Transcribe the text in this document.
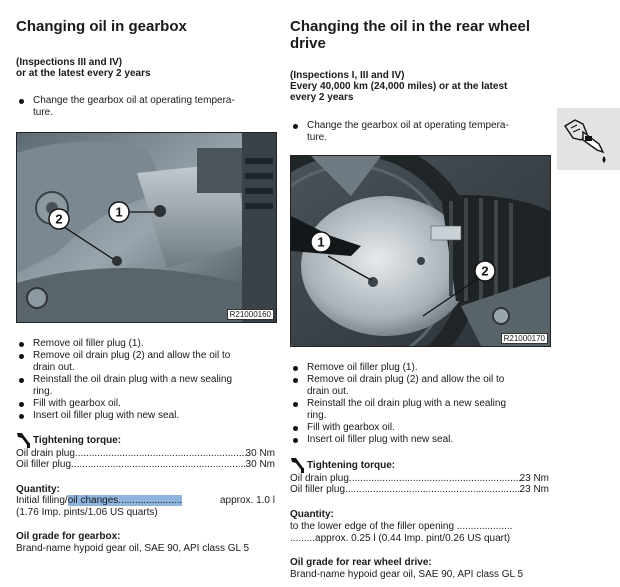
Changing oil in gearbox
(Inspections III and IV)
or at the latest every 2 years
Change the gearbox oil at operating tempera-
ture.
1
2
R21000160
Remove oil filler plug (1).
Remove oil drain plug (2) and allow the oil to
drain out.
Reinstall the oil drain plug with a new sealing
ring.
Fill with gearbox oil.
Insert oil filler plug with new seal.
Tightening torque:
Oil drain plug .....	30 Nm
Oil filler plug .....	30 Nm
Quantity:
Initial filling/oil changes.......................	approx. 1.0 l
(1.76 Imp. pints/1.06 US quarts)
Oil grade for gearbox:
Brand-name hypoid gear oil, SAE 90, API class GL 5
Changing the oil in the rear wheel
drive
(Inspections I, III and IV)
Every 40,000 km (24,000 miles) or at the latest
every 2 years
Change the gearbox oil at operating tempera-
ture.
1
2
R21000170
Remove oil filler plug (1).
Remove oil drain plug (2) and allow the oil to
drain out.
Reinstall the oil drain plug with a new sealing
ring.
Fill with gearbox oil.
Insert oil filler plug with new seal.
Tightening torque:
Oil drain plug .....	23 Nm
Oil filler plug .....	23 Nm
Quantity:
to the lower edge of the filler opening ....................
.........approx. 0.25 l (0.44 Imp. pint/0.26 US quart)
Oil grade for rear wheel drive:
Brand-name hypoid gear oil, SAE 90, API class GL 5
